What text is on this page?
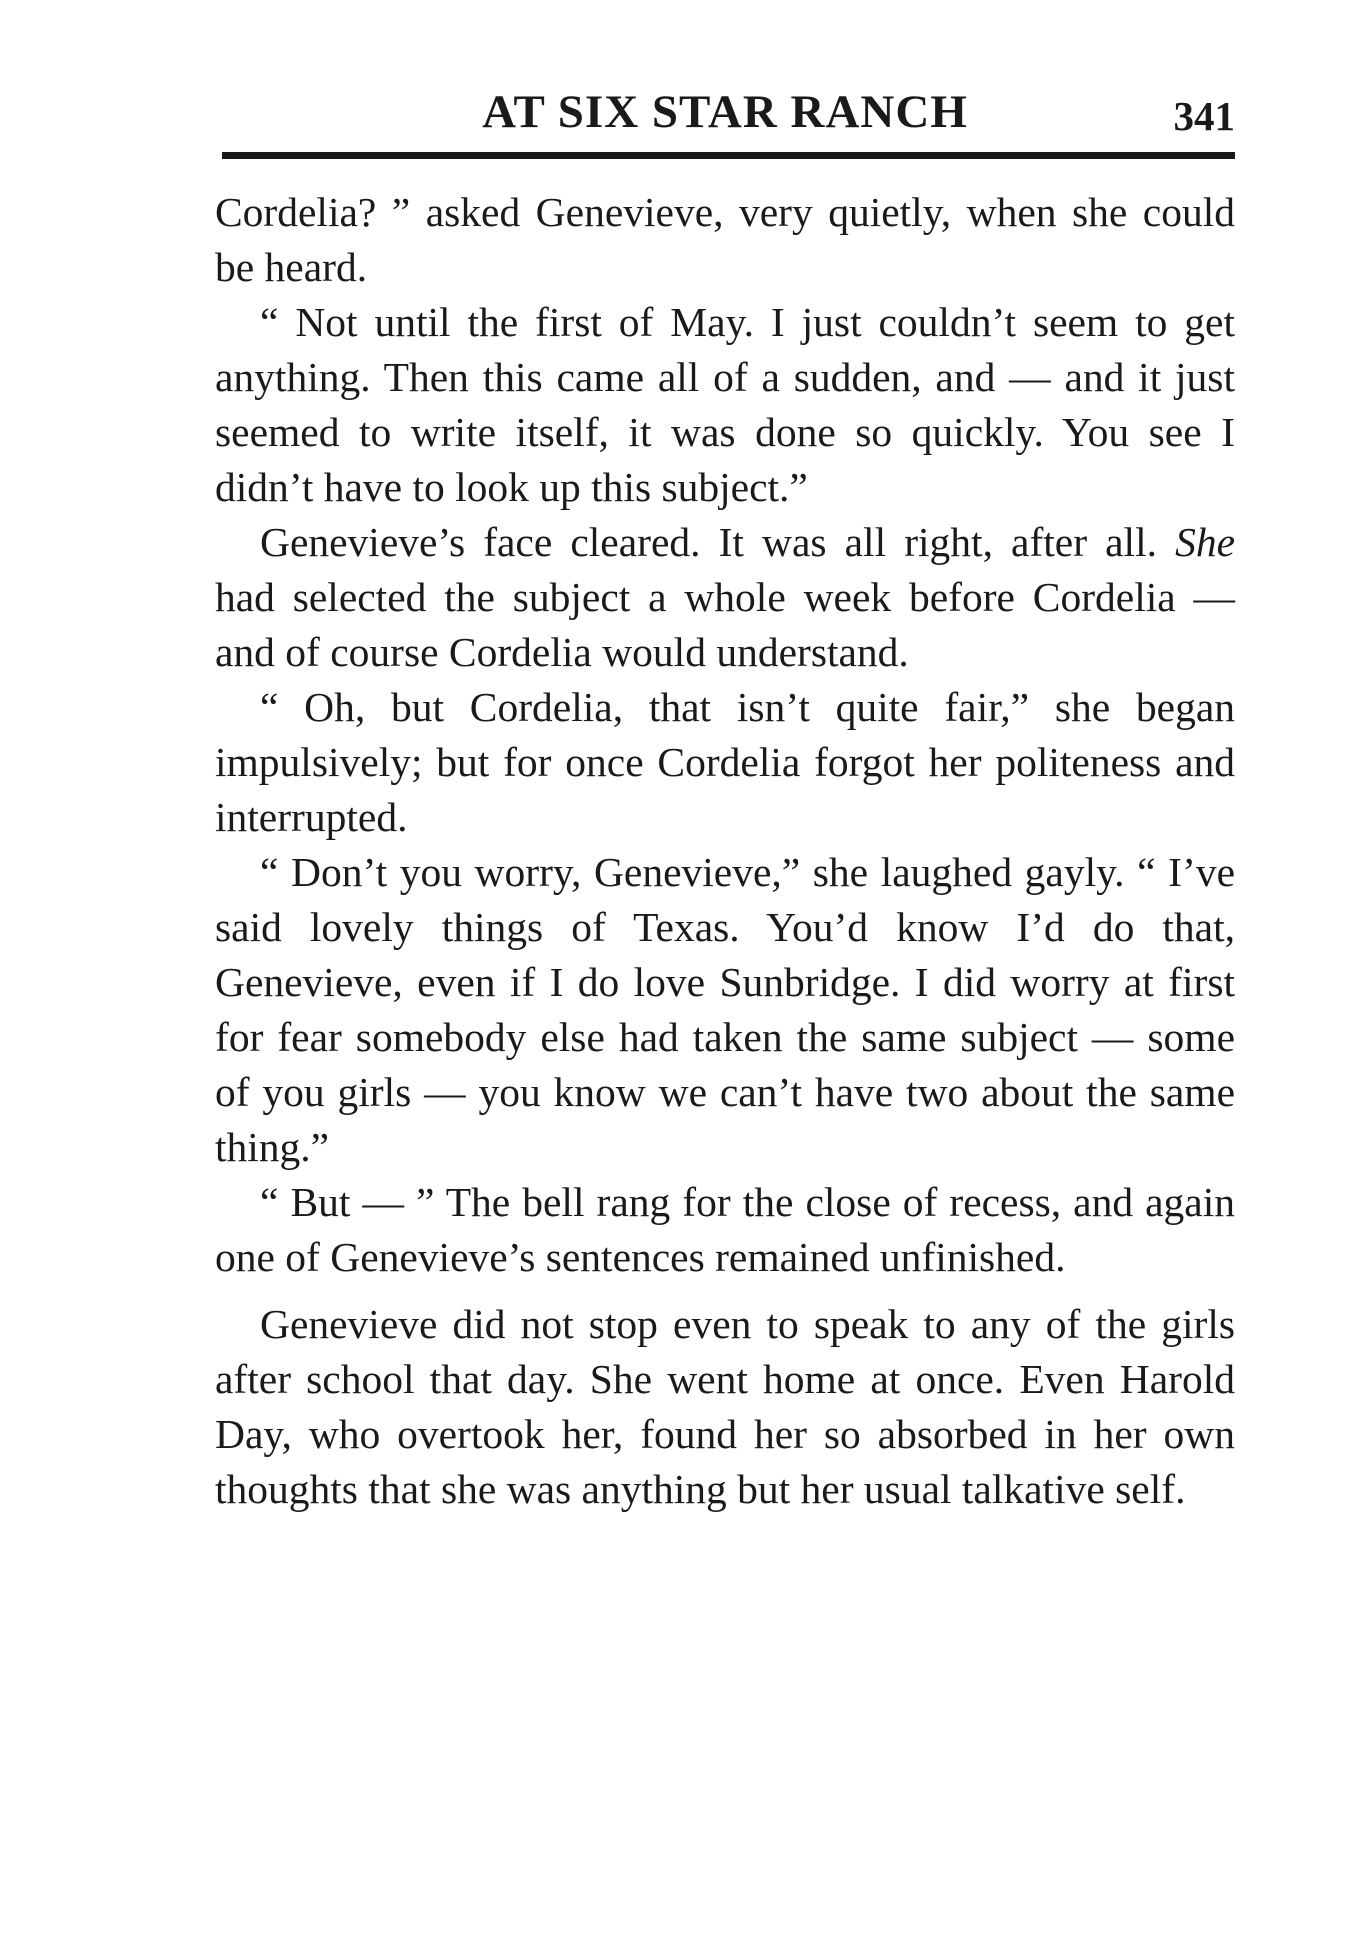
AT SIX STAR RANCH	341

Cordelia? ” asked Genevieve, very quietly, when she could be heard.

“ Not until the first of May. I just couldn’t seem to get anything. Then this came all of a sudden, and — and it just seemed to write itself, it was done so quickly. You see I didn’t have to look up this subject.”

Genevieve’s face cleared. It was all right, after all. She had selected the subject a whole week before Cordelia — and of course Cordelia would understand.

“ Oh, but Cordelia, that isn’t quite fair,” she began impulsively; but for once Cordelia forgot her politeness and interrupted.

“ Don’t you worry, Genevieve,” she laughed gayly. “ I’ve said lovely things of Texas. You’d know I’d do that, Genevieve, even if I do love Sunbridge. I did worry at first for fear somebody else had taken the same subject — some of you girls — you know we can’t have two about the same thing.”

“ But — ” The bell rang for the close of recess, and again one of Genevieve’s sentences remained unfinished.

Genevieve did not stop even to speak to any of the girls after school that day. She went home at once. Even Harold Day, who overtook her, found her so absorbed in her own thoughts that she was anything but her usual talkative self.
